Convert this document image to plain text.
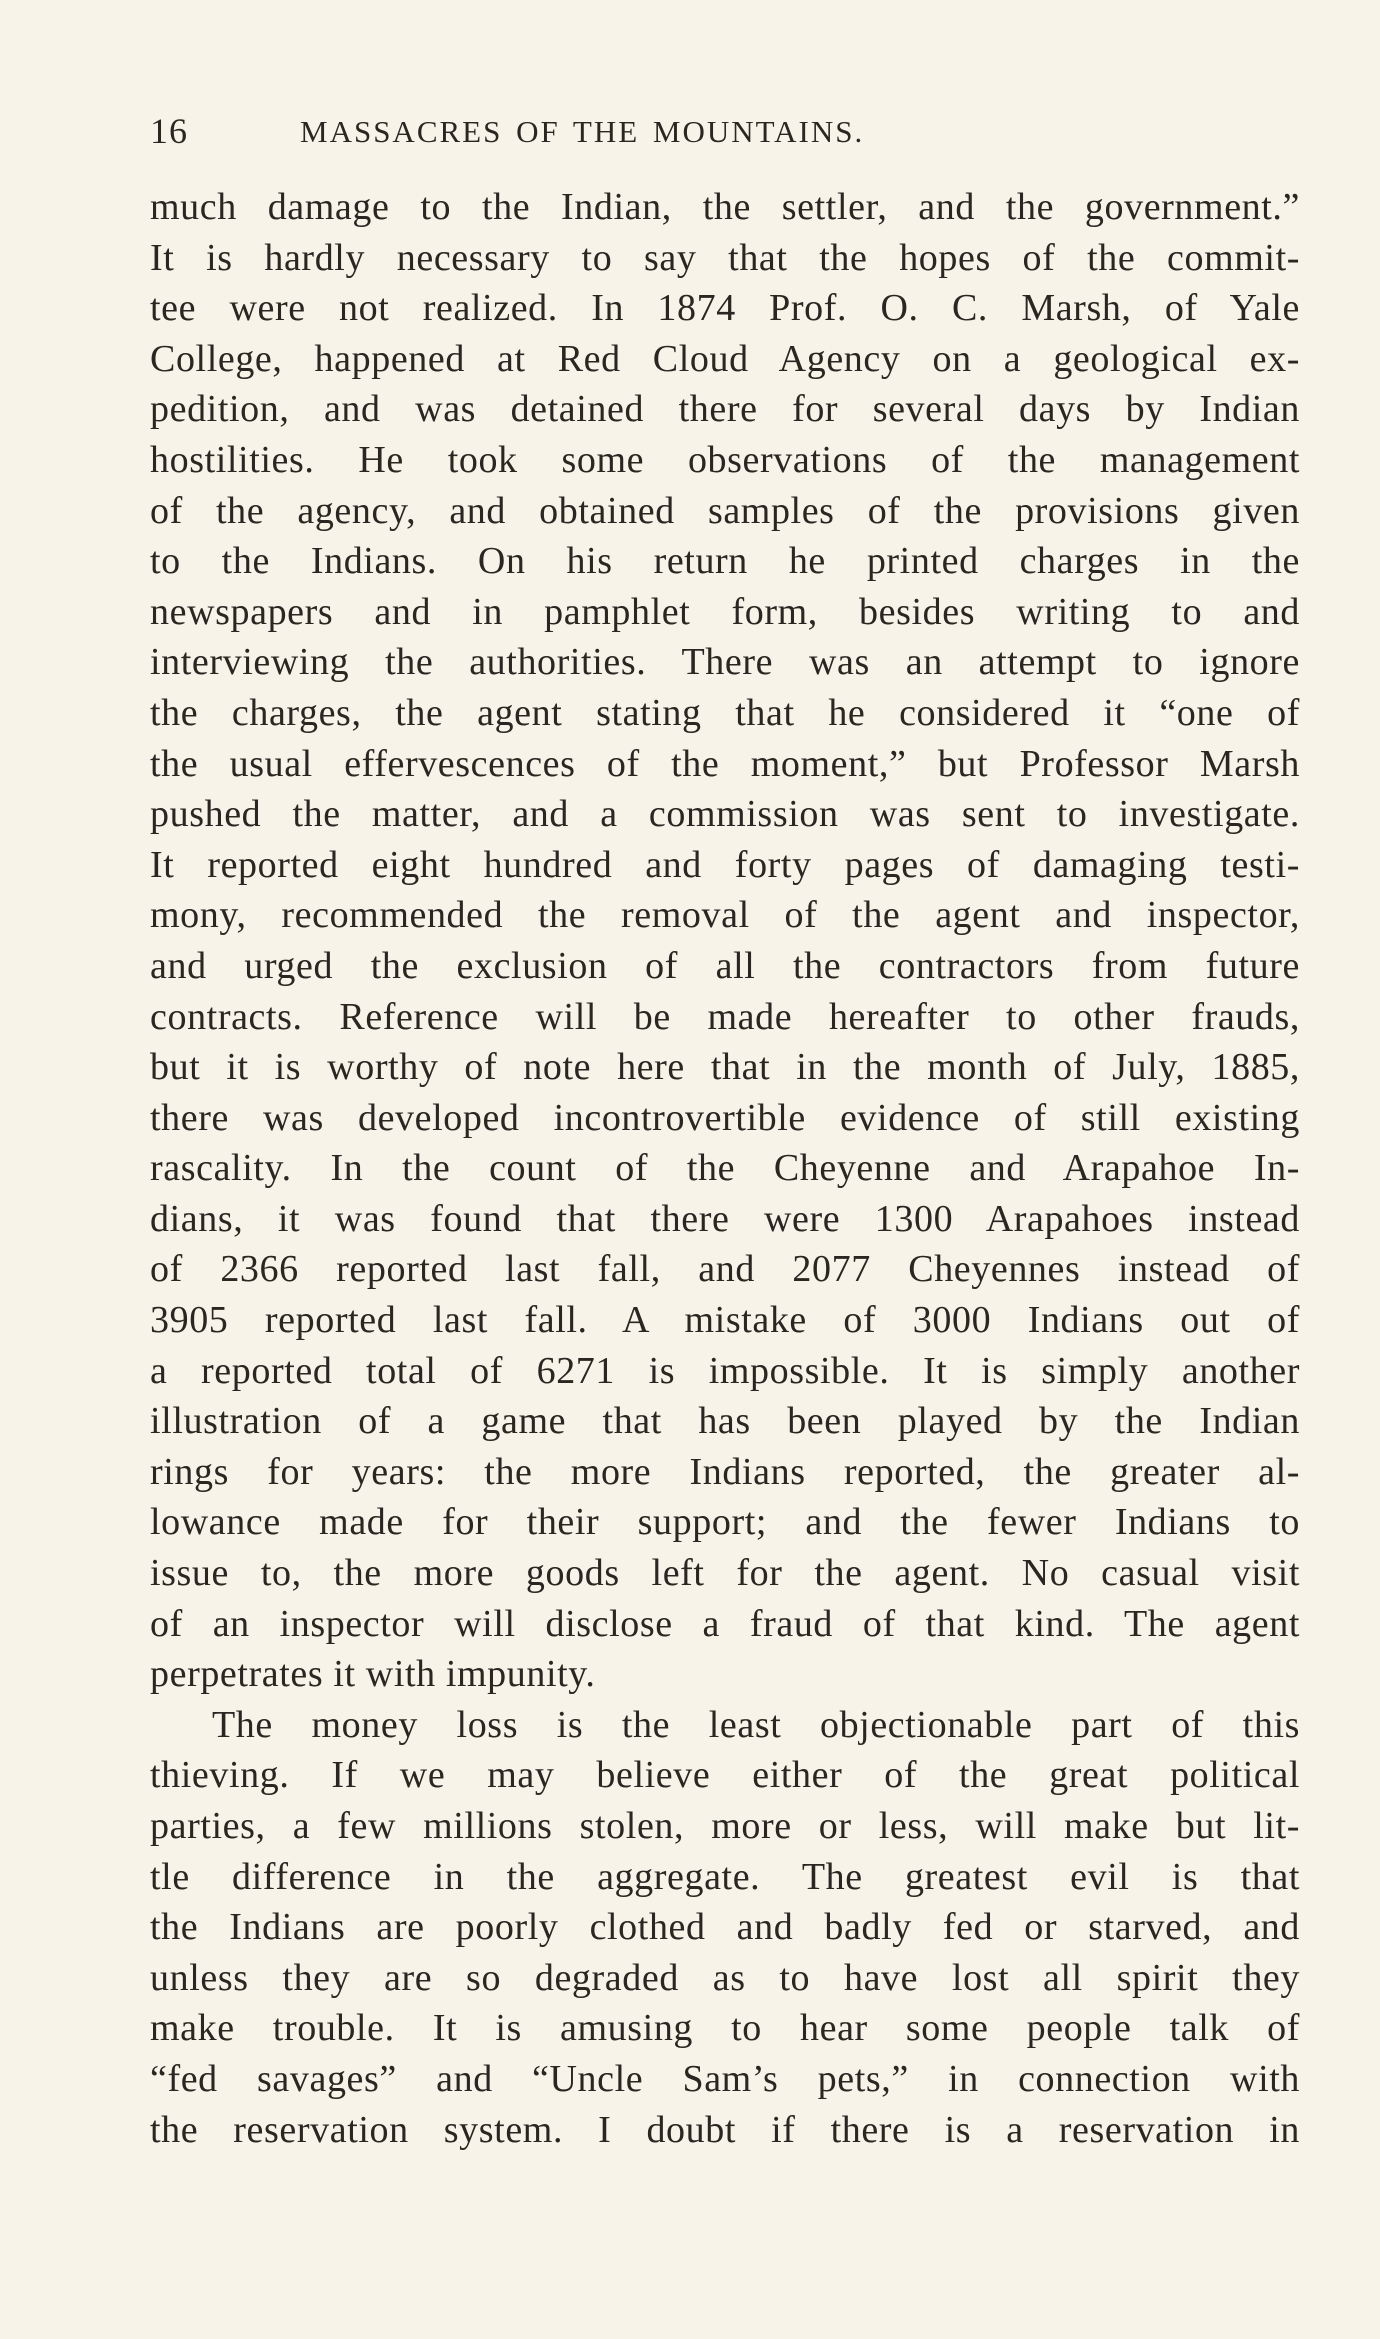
16	MASSACRES OF THE MOUNTAINS.
much damage to the Indian, the settler, and the government.”
It is hardly necessary to say that the hopes of the commit-
tee were not realized. In 1874 Prof. O. C. Marsh, of Yale
College, happened at Red Cloud Agency on a geological ex-
pedition, and was detained there for several days by Indian
hostilities. He took some observations of the management
of the agency, and obtained samples of the provisions given
to the Indians. On his return he printed charges in the
newspapers and in pamphlet form, besides writing to and
interviewing the authorities. There was an attempt to ignore
the charges, the agent stating that he considered it “one of
the usual effervescences of the moment,” but Professor Marsh
pushed the matter, and a commission was sent to investigate.
It reported eight hundred and forty pages of damaging testi-
mony, recommended the removal of the agent and inspector,
and urged the exclusion of all the contractors from future
contracts. Reference will be made hereafter to other frauds,
but it is worthy of note here that in the month of July, 1885,
there was developed incontrovertible evidence of still existing
rascality. In the count of the Cheyenne and Arapahoe In-
dians, it was found that there were 1300 Arapahoes instead
of 2366 reported last fall, and 2077 Cheyennes instead of
3905 reported last fall. A mistake of 3000 Indians out of
a reported total of 6271 is impossible. It is simply another
illustration of a game that has been played by the Indian
rings for years: the more Indians reported, the greater al-
lowance made for their support; and the fewer Indians to
issue to, the more goods left for the agent. No casual visit
of an inspector will disclose a fraud of that kind. The agent
perpetrates it with impunity.
The money loss is the least objectionable part of this
thieving. If we may believe either of the great political
parties, a few millions stolen, more or less, will make but lit-
tle difference in the aggregate. The greatest evil is that
the Indians are poorly clothed and badly fed or starved, and
unless they are so degraded as to have lost all spirit they
make trouble. It is amusing to hear some people talk of
“fed savages” and “Uncle Sam’s pets,” in connection with
the reservation system. I doubt if there is a reservation in
